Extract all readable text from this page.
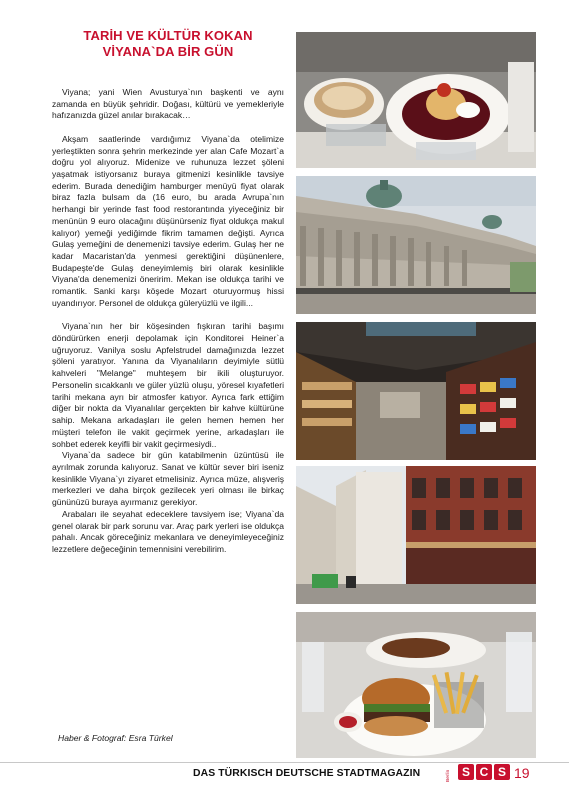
TARİH VE KÜLTÜR KOKAN
VİYANA`DA BİR GÜN

Viyana; yani Wien Avusturya`nın başkenti ve aynı zamanda en büyük şehridir. Doğası, kültürü ve yemekleriyle hafızanızda güzel anılar bırakacak…

Akşam saatlerinde vardığımız Viyana`da otelimize yerleştikten sonra şehrin merkezinde yer alan Cafe Mozart`a doğru yol alıyoruz. Midenize ve ruhunuza lezzet şöleni yaşatmak istiyorsanız buraya gitmenizi kesinlikle tavsiye ederim. Burada denediğim hamburger menüyü fiyat olarak biraz fazla bulsam da (16 euro, bu arada Avrupa`nın herhangi bir yerinde fast food restorantında yiyeceğiniz bir menünün 9 euro olacağını düşünürseniz fiyat oldukça makul kalıyor) yemeği yediğimde fikrim tamamen değişti. Ayrıca Gulaş yemeğini de denemenizi tavsiye ederim. Gulaş her ne kadar Macaristan'da yenmesi gerektiğini düşünenlere, Budapeşte'de Gulaş deneyimlemiş biri olarak kesinlikle Viyana'da denemenizi öneririm. Mekan ise oldukça tarihi ve romantik. Sanki karşı köşede Mozart oturuyormuş hissi uyandırıyor. Personel de oldukça güleryüzlü ve ilgili...

Viyana`nın her bir köşesinden fışkıran tarihi başımı döndürürken enerji depolamak için Konditorei Heiner`a uğruyoruz. Vanilya soslu Apfelstrudel damağınızda lezzet şöleni yaratıyor. Yanına da Viyanalıların deyimiyle sütlü kahveleri "Melange" muhteşem bir ikili oluşturuyor. Personelin sıcakkanlı ve güler yüzlü oluşu, yöresel kıyafetleri tarihi mekana ayrı bir atmosfer katıyor. Ayrıca fark ettiğim diğer bir nokta da Viyanalılar gerçekten bir kahve kültürüne sahip. Mekana arkadaşları ile gelen hemen hemen her müşteri telefon ile vakit geçirmek yerine, arkadaşları ile sohbet ederek keyifli bir vakit geçirmesiydi..

Viyana`da sadece bir gün katabilmenin üzüntüsü ile ayrılmak zorunda kalıyoruz. Sanat ve kültür sever biri iseniz kesinlikle Viyana`yı ziyaret etmelisiniz. Ayrıca müze, alışveriş merkezleri ve daha birçok gezilecek yeri olması ile birkaç gününüzü buraya ayırmanız gerekiyor.

Arabaları ile seyahat edeceklere tavsiyem ise; Viyana`da genel olarak bir park sorunu var. Araç park yerleri ise oldukça pahalı. Ancak göreceğiniz mekanlara ve deneyimleyeceğiniz lezzetlere değeceğinin temennisini verebilirim.

Haber & Fotograf: Esra Türkel
DAS TÜRKISCH DEUTSCHE STADTMAGAZIN	Berlin S C S 19
